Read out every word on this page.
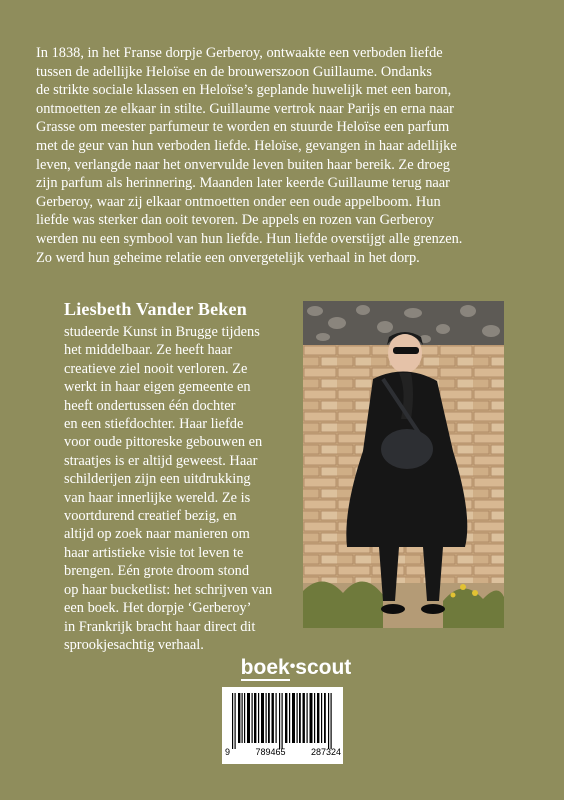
In 1838, in het Franse dorpje Gerberoy, ontwaakte een verboden liefde
tussen de adellijke Heloïse en de brouwerszoon Guillaume. Ondanks
de strikte sociale klassen en Heloïse’s geplande huwelijk met een baron,
ontmoetten ze elkaar in stilte. Guillaume vertrok naar Parijs en erna naar
Grasse om meester parfumeur te worden en stuurde Heloïse een parfum
met de geur van hun verboden liefde. Heloïse, gevangen in haar adellijke
leven, verlangde naar het onvervulde leven buiten haar bereik. Ze droeg
zijn parfum als herinnering. Maanden later keerde Guillaume terug naar
Gerberoy, waar zij elkaar ontmoetten onder een oude appelboom. Hun
liefde was sterker dan ooit tevoren. De appels en rozen van Gerberoy
werden nu een symbool van hun liefde. Hun liefde overstijgt alle grenzen.
Zo werd hun geheime relatie een onvergetelijk verhaal in het dorp.
Liesbeth Vander Beken
studeerde Kunst in Brugge tijdens
het middelbaar. Ze heeft haar
creatieve ziel nooit verloren. Ze
werkt in haar eigen gemeente en
heeft ondertussen één dochter
en een stiefdochter. Haar liefde
voor oude pittoreske gebouwen en
straatjes is er altijd geweest. Haar
schilderijen zijn een uitdrukking
van haar innerlijke wereld. Ze is
voortdurend creatief bezig, en
altijd op zoek naar manieren om
haar artistieke visie tot leven te
brengen. Eén grote droom stond
op haar bucketlist: het schrijven van
een boek. Het dorpje ‘Gerberoy’
in Frankrijk bracht haar direct dit
sprookjesachtig verhaal.
boek•scout
9	789465	287324
